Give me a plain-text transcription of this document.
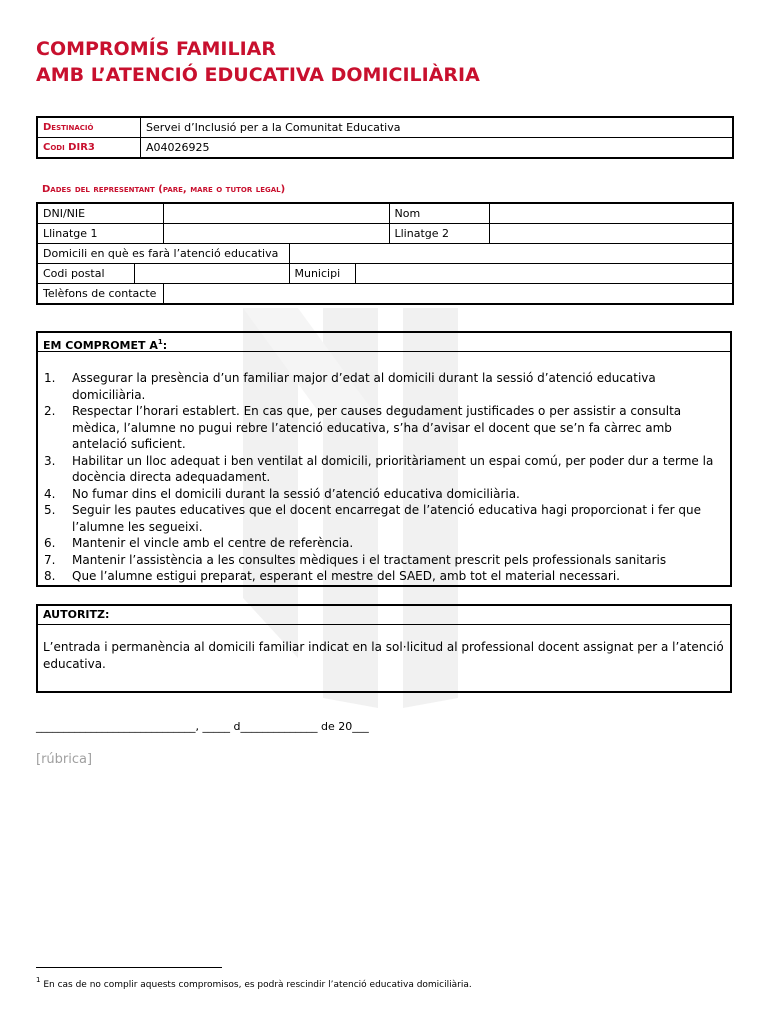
COMPROMÍS FAMILIAR
AMB L’ATENCIÓ EDUCATIVA DOMICILIÀRIA
Destinació	Servei d’Inclusió per a la Comunitat Educativa
Codi DIR3	A04026925
Dades del representant (pare, mare o tutor legal)
DNI/NIE					Nom	
Llinatge 1					Llinatge 2	
Domicili en què es farà l’atenció educativa						
Codi postal			Municipi			
Telèfons de contacte						
EM COMPROMET $A^1$:
1.	Assegurar la presència d’un familiar major d’edat al domicili durant la sessió d’atenció educativa domiciliària.
2.	Respectar l’horari establert. En cas que, per causes degudament justificades o per assistir a consulta mèdica, l’alumne no pugui rebre l’atenció educativa, s’ha d’avisar el docent que se’n fa càrrec amb antelació suficient.
3.	Habilitar un lloc adequat i ben ventilat al domicili, prioritàriament un espai comú, per poder dur a terme la docència directa adequadament.
4.	No fumar dins el domicili durant la sessió d’atenció educativa domiciliària.
5.	Seguir les pautes educatives que el docent encarregat de l’atenció educativa hagi proporcionat i fer que l’alumne les segueixi.
6.	Mantenir el vincle amb el centre de referència.
7.	Mantenir l’assistència a les consultes mèdiques i el tractament prescrit pels professionals sanitaris
8.	Que l’alumne estigui preparat, esperant el mestre del SAED, amb tot el material necessari.
AUTORITZ:
L’entrada i permanència al domicili familiar indicat en la sol·licitud al professional docent assignat per a l’atenció educativa.
_____________________________, _____ d______________ de 20___
[rúbrica]
$^1$ En cas de no complir aquests compromisos, es podrà rescindir l’atenció educativa domiciliària.
